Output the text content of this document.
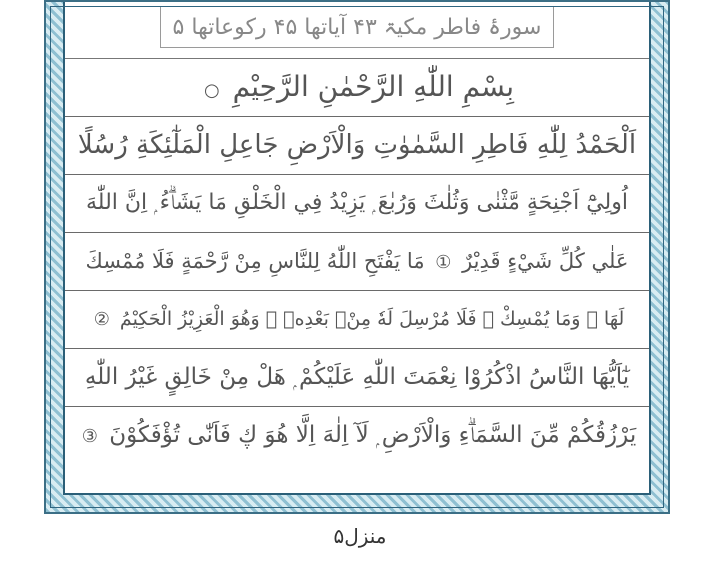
سورۂ فاطر مکیۃ ۴۳ آیاتھا ۴۵ رکوعاتھا ۵
بِسْمِ اللّٰهِ الرَّحْمٰنِ الرَّحِيْمِ ○
اَلْحَمْدُ لِلّٰهِ فَاطِرِ السَّمٰوٰتِ وَالْاَرْضِ جَاعِلِ الْمَلٰٓئِكَةِ رُسُلًا
اُولِيْٓ اَجْنِحَةٍ مَّثْنٰى وَثُلٰثَ وَرُبٰعَ ۭ يَزِيْدُ فِي الْخَلْقِ مَا يَشَاۗءُ ۭ اِنَّ اللّٰهَ
عَلٰي كُلِّ شَيْءٍ قَدِيْرٌ ① مَا يَفْتَحِ اللّٰهُ لِلنَّاسِ مِنْ رَّحْمَةٍ فَلَا مُمْسِكَ
لَهَا ۚ وَمَا يُمْسِكْ ۙ فَلَا مُرْسِلَ لَهٗ مِنْۢ بَعْدِهٖ ۭ وَهُوَ الْعَزِيْزُ الْحَكِيْمُ ②
يٰٓاَيُّهَا النَّاسُ اذْكُرُوْا نِعْمَتَ اللّٰهِ عَلَيْكُمْ ۭ هَلْ مِنْ خَالِقٍ غَيْرُ اللّٰهِ
يَرْزُقُكُمْ مِّنَ السَّمَاۗءِ وَالْاَرْضِ ۭ لَآ اِلٰهَ اِلَّا هُوَ ڮ فَاَنّٰى تُؤْفَكُوْنَ ③
منزل۵
